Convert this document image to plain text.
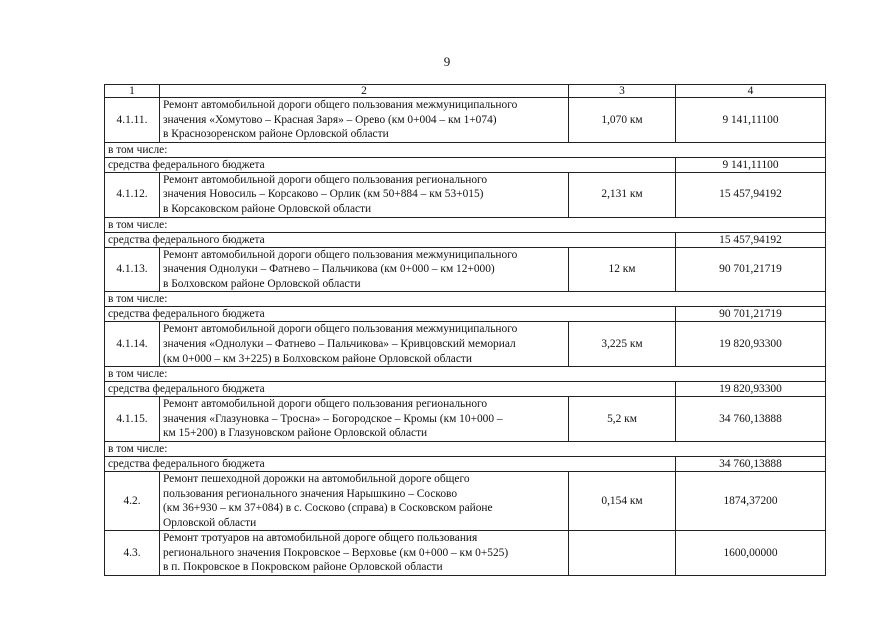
9
1	2	3	4
4.1.11.	Ремонт автомобильной дороги общего пользования межмуниципального
значения «Хомутово – Красная Заря» – Орево (км 0+004 – км 1+074)
в Краснозоренском районе Орловской области	1,070 км	9 141,11100
в том числе:			
средства федерального бюджета			9 141,11100
4.1.12.	Ремонт автомобильной дороги общего пользования регионального
значения Новосиль – Корсаково – Орлик (км 50+884 – км 53+015)
в Корсаковском районе Орловской области	2,131 км	15 457,94192
в том числе:			
средства федерального бюджета			15 457,94192
4.1.13.	Ремонт автомобильной дороги общего пользования межмуниципального
значения Однолуки – Фатнево – Пальчикова (км 0+000 – км 12+000)
в Болховском районе Орловской области	12 км	90 701,21719
в том числе:			
средства федерального бюджета			90 701,21719
4.1.14.	Ремонт автомобильной дороги общего пользования межмуниципального
значения «Однолуки – Фатнево – Пальчикова» – Кривцовский мемориал
(км 0+000 – км 3+225) в Болховском районе Орловской области	3,225 км	19 820,93300
в том числе:			
средства федерального бюджета			19 820,93300
4.1.15.	Ремонт автомобильной дороги общего пользования регионального
значения «Глазуновка – Тросна» – Богородское – Кромы (км 10+000 –
км 15+200) в Глазуновском районе Орловской области	5,2 км	34 760,13888
в том числе:			
средства федерального бюджета			34 760,13888
4.2.	Ремонт пешеходной дорожки на автомобильной дороге общего
пользования регионального значения Нарышкино – Сосково
(км 36+930 – км 37+084) в с. Сосково (справа) в Сосковском районе
Орловской области	0,154 км	1874,37200
4.3.	Ремонт тротуаров на автомобильной дороге общего пользования
регионального значения Покровское – Верховье (км 0+000 – км 0+525)
в п. Покровское в Покровском районе Орловской области		1600,00000
